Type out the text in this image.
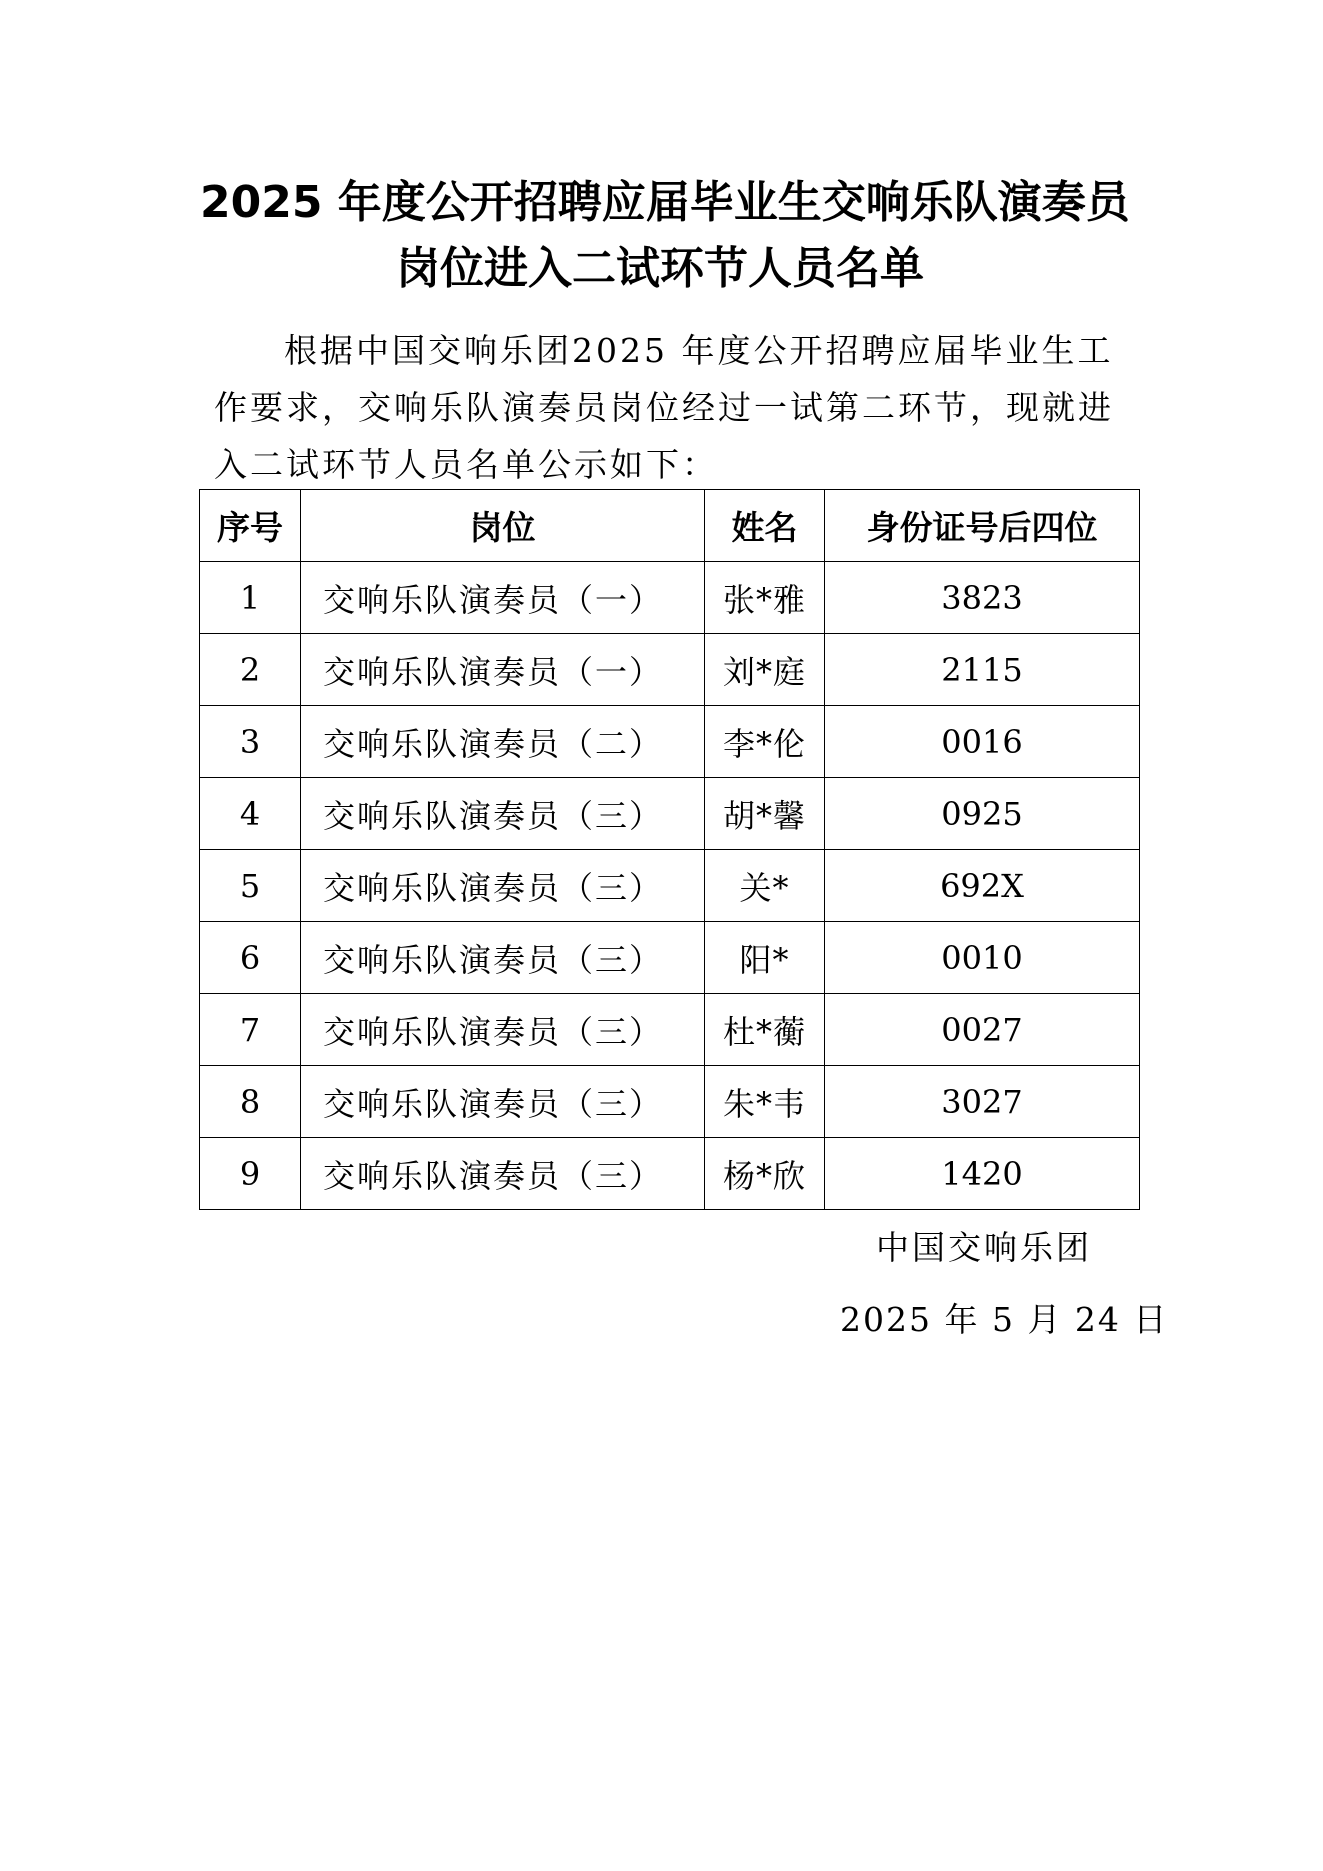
2025 年度公开招聘应届毕业生交响乐队演奏员
岗位进入二试环节人员名单
根据中国交响乐团2025 年度公开招聘应届毕业生工作要求，交响乐队演奏员岗位经过一试第二环节，现就进入二试环节人员名单公示如下：
序号	岗位	姓名	身份证号后四位
1	交响乐队演奏员（一）	张*雅	3823
2	交响乐队演奏员（一）	刘*庭	2115
3	交响乐队演奏员（二）	李*伦	0016
4	交响乐队演奏员（三）	胡*馨	0925
5	交响乐队演奏员（三）	关*	692X
6	交响乐队演奏员（三）	阳*	0010
7	交响乐队演奏员（三）	杜*蘅	0027
8	交响乐队演奏员（三）	朱*韦	3027
9	交响乐队演奏员（三）	杨*欣	1420
中国交响乐团
2025 年 5 月 24 日
